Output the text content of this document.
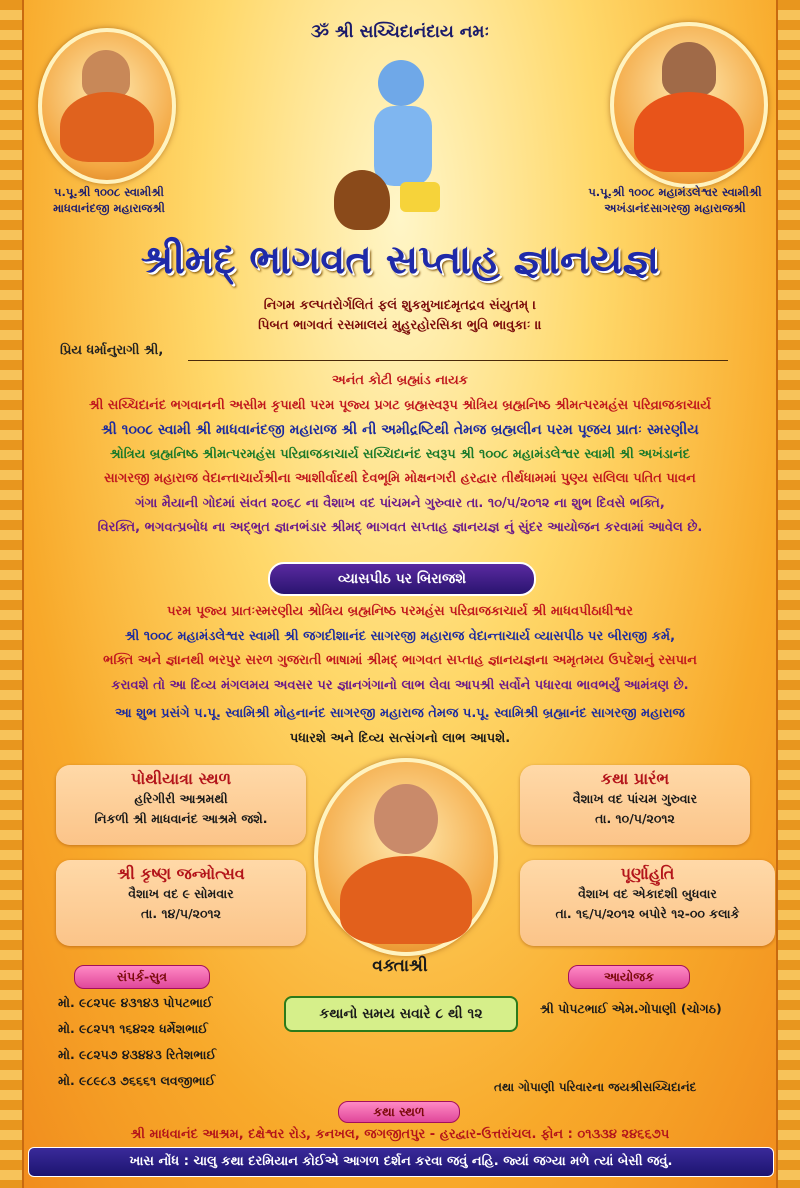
ૐ શ્રી સચ્ચિદાનંદાય નમઃ
પ.પૂ.શ્રી ૧૦૦૮ સ્વામીશ્રી
માધવાનંદજી મહારાજશ્રી
પ.પૂ.શ્રી ૧૦૦૮ મહામંડલેશ્વર સ્વામીશ્રી
અખંડાનંદસાગરજી મહારાજશ્રી
શ્રીમદ્ ભાગવત સપ્તાહ જ્ઞાનયજ્ઞ
નિગમ કલ્પતરોર્ગલિતં ફલં શુકમુખાદમૃતદ્રવ સંયુતમ્ ।
પિબત ભાગવતં રસમાલયં મુહુરહોરસિકા ભુવિ ભાવુકાઃ ॥
પ્રિય ધર્માનુરાગી શ્રી,
અનંત કોટી બ્રહ્માંડ નાયક
શ્રી સચ્ચિદાનંદ ભગવાનની અસીમ કૃપાથી પરમ પૂજ્ય પ્રગટ બ્રહ્મસ્વરૂપ શ્રોત્રિય બ્રહ્મનિષ્ઠ શ્રીમત્પરમહંસ પરિવ્રાજકાચાર્ય
શ્રી ૧૦૦૮ સ્વામી શ્રી માધવાનંદજી મહારાજ શ્રી ની અમીદ્રષ્ટિથી તેમજ બ્રહ્મલીન પરમ પૂજય પ્રાતઃ સ્મરણીય
શ્રોત્રિય બ્રહ્મનિષ્ઠ શ્રીમત્પરમહંસ પરિવ્રાજકાચાર્ય સચ્ચિદાનંદ સ્વરૂપ શ્રી ૧૦૦૮ મહામંડલેશ્વર સ્વામી શ્રી અખંડાનંદ
સાગરજી મહારાજ વેદાન્તાચાર્યશ્રીના આશીર્વાદથી દેવભૂમિ મોક્ષનગરી હરદ્વાર તીર્થધામમાં પુણ્ય સલિલા પતિત પાવન
ગંગા મૈયાની ગોદમાં સંવત ૨૦૬૮ ના વૈશાખ વદ પાંચમને ગુરુવાર તા. ૧૦/૫/૨૦૧૨ ના શુભ દિવસે ભક્તિ,
વિરક્તિ, ભગવત્પ્રબોધ ના અદ્ભુત જ્ઞાનભંડાર શ્રીમદ્ ભાગવત સપ્તાહ જ્ઞાનયજ્ઞ નું સુંદર આયોજન કરવામાં આવેલ છે.
વ્યાસપીઠ પર બિરાજશે
પરમ પૂજ્ય પ્રાતઃસ્મરણીય શ્રોત્રિય બ્રહ્મનિષ્ઠ પરમહંસ પરિવ્રાજકાચાર્ય શ્રી માધવપીઠાધીશ્વર
શ્રી ૧૦૦૮ મહામંડલેશ્વર સ્વામી શ્રી જગદીશાનંદ સાગરજી મહારાજ વેદાન્તાચાર્ય વ્યાસપીઠ પર બીરાજી કર્મ,
ભક્તિ અને જ્ઞાનથી ભરપુર સરળ ગુજરાતી ભાષામાં શ્રીમદ્ ભાગવત સપ્તાહ જ્ઞાનયજ્ઞના અમૃતમય ઉપદેશનું રસપાન
કરાવશે તો આ દિવ્ય મંગલમય અવસર પર જ્ઞાનગંગાનો લાભ લેવા આપશ્રી સર્વોને પધારવા ભાવભર્યું આમંત્રણ છે.
આ શુભ પ્રસંગે પ.પૂ. સ્વામિશ્રી મોહનાનંદ સાગરજી મહારાજ તેમજ પ.પૂ. સ્વામિશ્રી બ્રહ્માનંદ સાગરજી મહારાજ
પધારશે અને દિવ્ય સત્સંગનો લાભ આપશે.
પોથીયાત્રા સ્થળ
હરિગીરી આશ્રમથી
નિકળી શ્રી માધવાનંદ આશ્રમે જશે.
કથા પ્રારંભ
વૈશાખ વદ પાંચમ ગુરુવાર
તા. ૧૦/૫/૨૦૧૨
શ્રી કૃષ્ણ જન્મોત્સવ
વૈશાખ વદ ૯ સોમવાર
તા. ૧૪/૫/૨૦૧૨
પૂર્ણાહુતિ
વૈશાખ વદ એકાદશી બુધવાર
તા. ૧૬/૫/૨૦૧૨ બપોરે ૧૨-૦૦ કલાકે
વક્તાશ્રી
સંપર્ક-સુત્ર
મો. ૯૮૨૫૯ ૪૩૧૪૩ પોપટભાઈ
મો. ૯૮૨૫૧ ૧૬૪૨૨ ધર્મેશભાઈ
મો. ૯૮૨૫૭ ૪૩૪૪૩ રિતેશભાઈ
મો. ૯૮૯૮૩ ૭૬૬૬૧ લવજીભાઈ
કથાનો સમય સવારે ૮ થી ૧૨
આયોજક
શ્રી પોપટભાઈ એમ.ગોપાણી (ચોગઠ)
તથા ગોપાણી પરિવારના જયશ્રીસચ્ચિદાનંદ
કથા સ્થળ
શ્રી માધવાનંદ આશ્રમ, દક્ષેશ્વર રોડ, કનખલ, જગજીતપુર - હરદ્વાર-ઉત્તરાંચલ. ફોન : ૦૧૩૩૪ ૨૪૬૬૭૫
ખાસ નોંધ : ચાલુ કથા દરમિયાન કોઈએ આગળ દર્શન કરવા જવું નહિ. જ્યાં જગ્યા મળે ત્યાં બેસી જવું.
